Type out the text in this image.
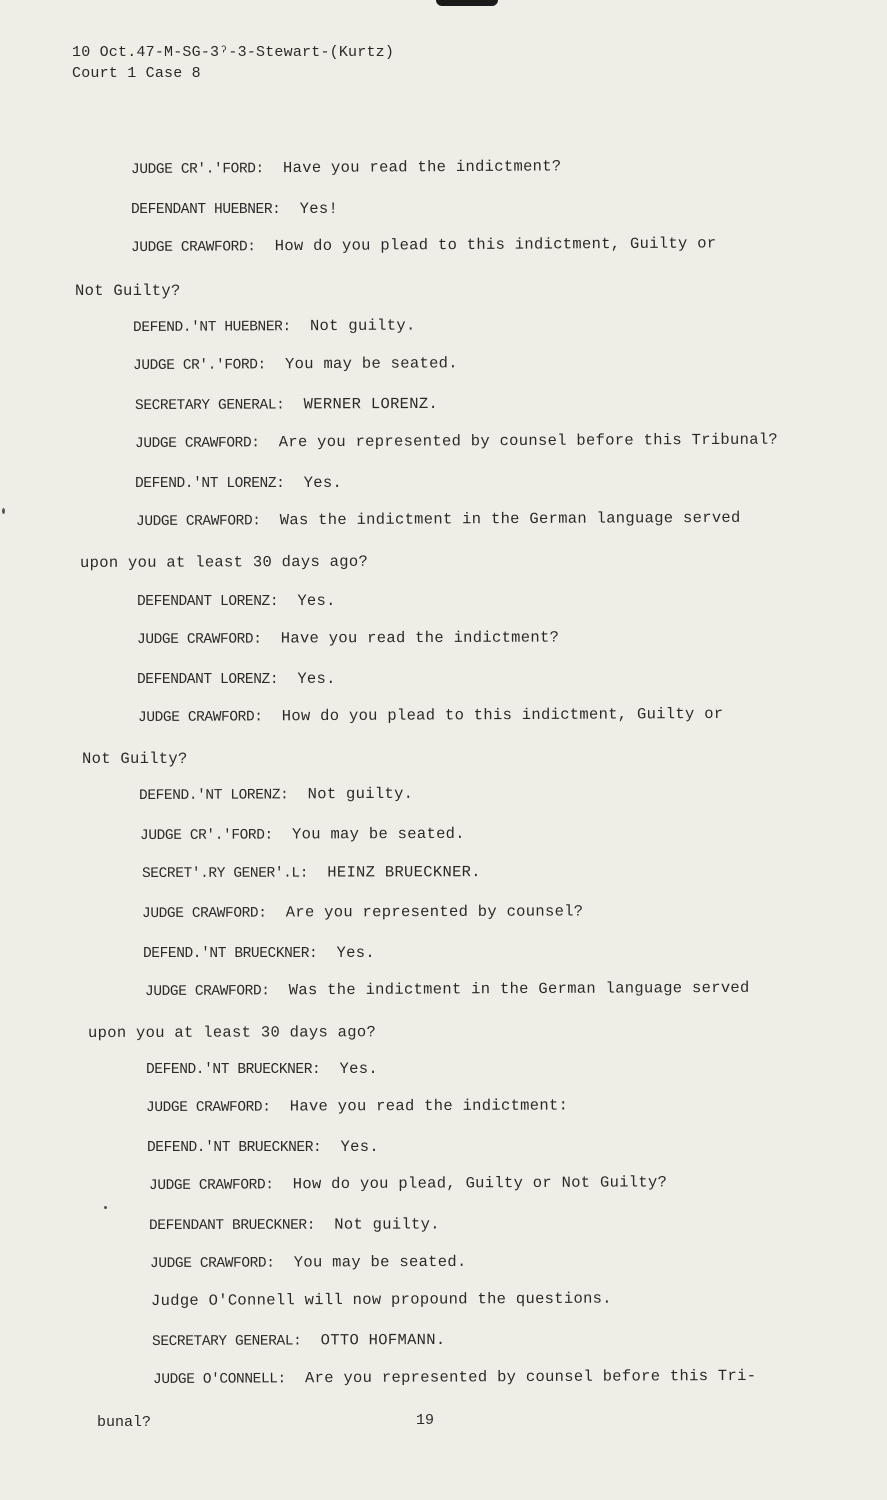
10 Oct.47-M-SG-3ˀ-3-Stewart-(Kurtz)
Court 1 Case 8
JUDGE CR′.′FORD: Have you read the indictment?
DEFENDANT HUEBNER: Yes!
JUDGE CRAWFORD: How do you plead to this indictment, Guilty or
Not Guilty?
DEFEND.′NT HUEBNER: Not guilty.
JUDGE CR′.′FORD: You may be seated.
SECRETARY GENERAL: WERNER LORENZ.
JUDGE CRAWFORD: Are you represented by counsel before this Tribunal?
DEFEND.′NT LORENZ: Yes.
JUDGE CRAWFORD: Was the indictment in the German language served
upon you at least 30 days ago?
DEFENDANT LORENZ: Yes.
JUDGE CRAWFORD: Have you read the indictment?
DEFENDANT LORENZ: Yes.
JUDGE CRAWFORD: How do you plead to this indictment, Guilty or
Not Guilty?
DEFEND.′NT LORENZ: Not guilty.
JUDGE CR′.′FORD: You may be seated.
SECRET′.RY GENER′.L: HEINZ BRUECKNER.
JUDGE CRAWFORD: Are you represented by counsel?
DEFEND.′NT BRUECKNER: Yes.
JUDGE CRAWFORD: Was the indictment in the German language served
upon you at least 30 days ago?
DEFEND.′NT BRUECKNER: Yes.
JUDGE CRAWFORD: Have you read the indictment:
DEFEND.′NT BRUECKNER: Yes.
JUDGE CRAWFORD: How do you plead, Guilty or Not Guilty?
DEFENDANT BRUECKNER: Not guilty.
JUDGE CRAWFORD: You may be seated.
Judge O'Connell will now propound the questions.
SECRETARY GENERAL: OTTO HOFMANN.
JUDGE O'CONNELL: Are you represented by counsel before this Tri-
bunal?	19
